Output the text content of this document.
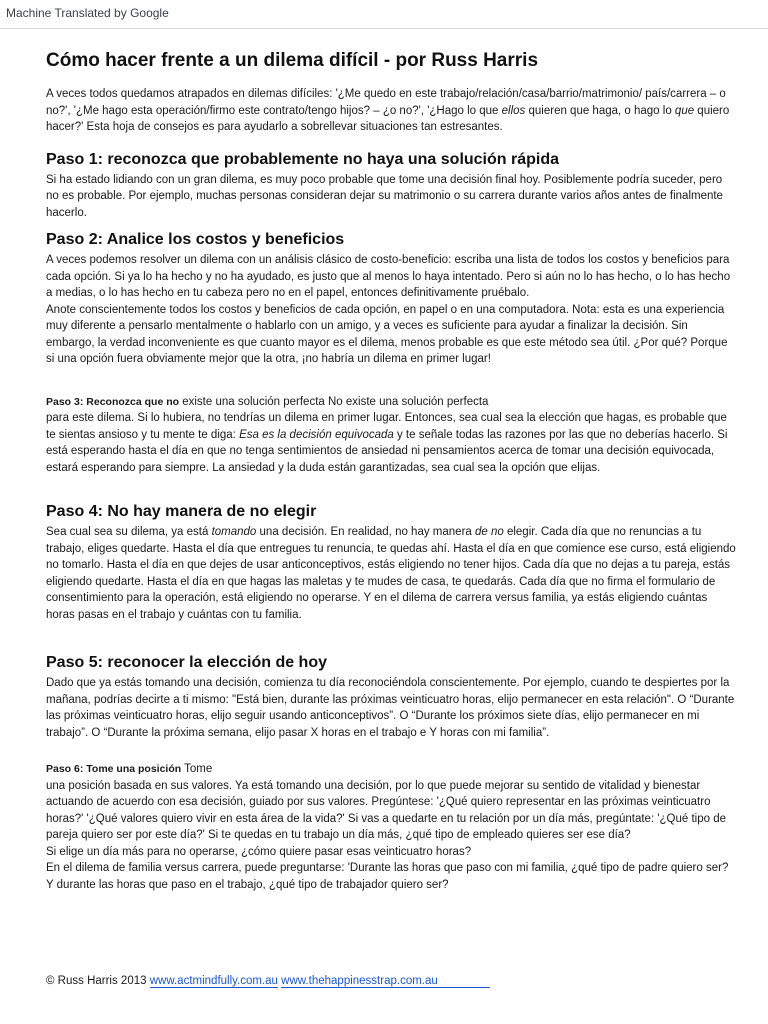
Machine Translated by Google
Cómo hacer frente a un dilema difícil - por Russ Harris

A veces todos quedamos atrapados en dilemas difíciles: '¿Me quedo en este trabajo/relación/casa/barrio/matrimonio/ país/carrera – o no?', '¿Me hago esta operación/firmo este contrato/tengo hijos? – ¿o no?', '¿Hago lo que ellos quieren que haga, o hago lo que quiero hacer?' Esta hoja de consejos es para ayudarlo a sobrellevar situaciones tan estresantes.

Paso 1: reconozca que probablemente no haya una solución rápida

Si ha estado lidiando con un gran dilema, es muy poco probable que tome una decisión final hoy. Posiblemente podría suceder, pero no es probable. Por ejemplo, muchas personas consideran dejar su matrimonio o su carrera durante varios años antes de finalmente hacerlo.

Paso 2: Analice los costos y beneficios

A veces podemos resolver un dilema con un análisis clásico de costo-beneficio: escriba una lista de todos los costos y beneficios para cada opción. Si ya lo ha hecho y no ha ayudado, es justo que al menos lo haya intentado. Pero si aún no lo has hecho, o lo has hecho a medias, o lo has hecho en tu cabeza pero no en el papel, entonces definitivamente pruébalo.

Anote conscientemente todos los costos y beneficios de cada opción, en papel o en una computadora. Nota: esta es una experiencia muy diferente a pensarlo mentalmente o hablarlo con un amigo, y a veces es suficiente para ayudar a finalizar la decisión. Sin embargo, la verdad inconveniente es que cuanto mayor es el dilema, menos probable es que este método sea útil. ¿Por qué? Porque si una opción fuera obviamente mejor que la otra, ¡no habría un dilema en primer lugar!

Paso 3: Reconozca que no existe una solución perfecta No existe una solución perfecta

para este dilema. Si lo hubiera, no tendrías un dilema en primer lugar. Entonces, sea cual sea la elección que hagas, es probable que te sientas ansioso y tu mente te diga: Esa es la decisión equivocada y te señale todas las razones por las que no deberías hacerlo. Si está esperando hasta el día en que no tenga sentimientos de ansiedad ni pensamientos acerca de tomar una decisión equivocada, estará esperando para siempre. La ansiedad y la duda están garantizadas, sea cual sea la opción que elijas.

Paso 4: No hay manera de no elegir

Sea cual sea su dilema, ya está tomando una decisión. En realidad, no hay manera de no elegir. Cada día que no renuncias a tu trabajo, eliges quedarte. Hasta el día que entregues tu renuncia, te quedas ahí. Hasta el día en que comience ese curso, está eligiendo no tomarlo. Hasta el día en que dejes de usar anticonceptivos, estás eligiendo no tener hijos. Cada día que no dejas a tu pareja, estás eligiendo quedarte. Hasta el día en que hagas las maletas y te mudes de casa, te quedarás. Cada día que no firma el formulario de consentimiento para la operación, está eligiendo no operarse. Y en el dilema de carrera versus familia, ya estás eligiendo cuántas horas pasas en el trabajo y cuántas con tu familia.

Paso 5: reconocer la elección de hoy

Dado que ya estás tomando una decisión, comienza tu día reconociéndola conscientemente. Por ejemplo, cuando te despiertes por la mañana, podrías decirte a ti mismo: "Está bien, durante las próximas veinticuatro horas, elijo permanecer en esta relación". O “Durante las próximas veinticuatro horas, elijo seguir usando anticonceptivos”. O “Durante los próximos siete días, elijo permanecer en mi trabajo”. O “Durante la próxima semana, elijo pasar X horas en el trabajo e Y horas con mi familia”.

Paso 6: Tome una posición Tome

una posición basada en sus valores. Ya está tomando una decisión, por lo que puede mejorar su sentido de vitalidad y bienestar actuando de acuerdo con esa decisión, guiado por sus valores. Pregúntese: '¿Qué quiero representar en las próximas veinticuatro horas?' '¿Qué valores quiero vivir en esta área de la vida?' Si vas a quedarte en tu relación por un día más, pregúntate: '¿Qué tipo de pareja quiero ser por este día?' Si te quedas en tu trabajo un día más, ¿qué tipo de empleado quieres ser ese día?

Si elige un día más para no operarse, ¿cómo quiere pasar esas veinticuatro horas?

En el dilema de familia versus carrera, puede preguntarse: 'Durante las horas que paso con mi familia, ¿qué tipo de padre quiero ser? Y durante las horas que paso en el trabajo, ¿qué tipo de trabajador quiero ser?

© Russ Harris 2013 www.actmindfully.com.au www.thehappinesstrap.com.au
